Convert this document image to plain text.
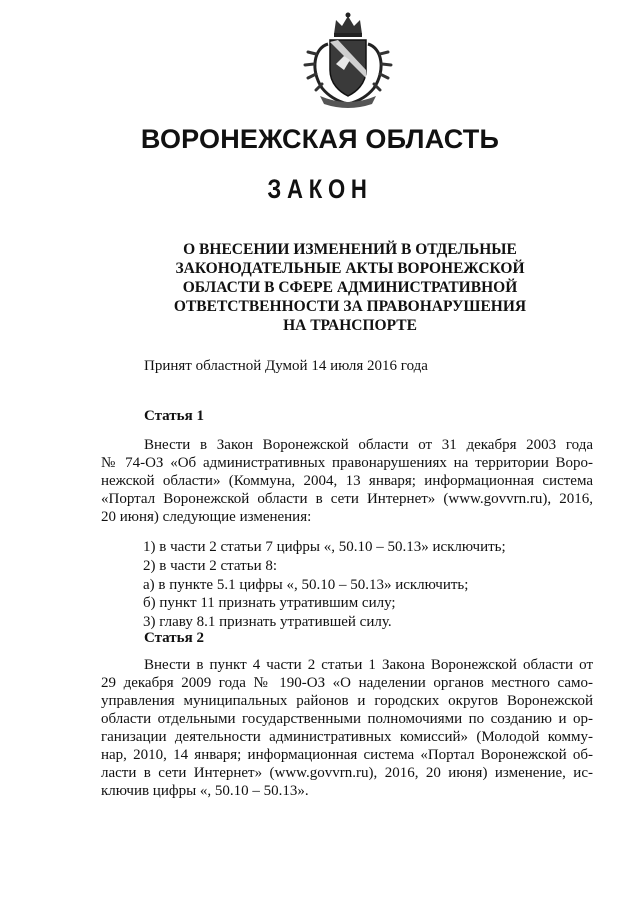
ВОРОНЕЖСКАЯ ОБЛАСТЬ
ЗАКОН
О ВНЕСЕНИИ ИЗМЕНЕНИЙ В ОТДЕЛЬНЫЕ
ЗАКОНОДАТЕЛЬНЫЕ АКТЫ ВОРОНЕЖСКОЙ
ОБЛАСТИ В СФЕРЕ АДМИНИСТРАТИВНОЙ
ОТВЕТСТВЕННОСТИ ЗА ПРАВОНАРУШЕНИЯ
НА ТРАНСПОРТЕ
Принят областной Думой 14 июля 2016 года
Статья 1
Внести в Закон Воронежской области от 31 декабря 2003 года
№ 74-ОЗ «Об административных правонарушениях на территории Воро-
нежской области» (Коммуна, 2004, 13 января; информационная система
«Портал Воронежской области в сети Интернет» (www.govvrn.ru), 2016,
20 июня) следующие изменения:
1) в части 2 статьи 7 цифры «, 50.10 – 50.13» исключить;
2) в части 2 статьи 8:
а) в пункте 5.1 цифры «, 50.10 – 50.13» исключить;
б) пункт 11 признать утратившим силу;
3) главу 8.1 признать утратившей силу.
Статья 2
Внести в пункт 4 части 2 статьи 1 Закона Воронежской области от
29 декабря 2009 года № 190-ОЗ «О наделении органов местного само-
управления муниципальных районов и городских округов Воронежской
области отдельными государственными полномочиями по созданию и ор-
ганизации деятельности административных комиссий» (Молодой комму-
нар, 2010, 14 января; информационная система «Портал Воронежской об-
ласти в сети Интернет» (www.govvrn.ru), 2016, 20 июня) изменение, ис-
ключив цифры «, 50.10 – 50.13».
